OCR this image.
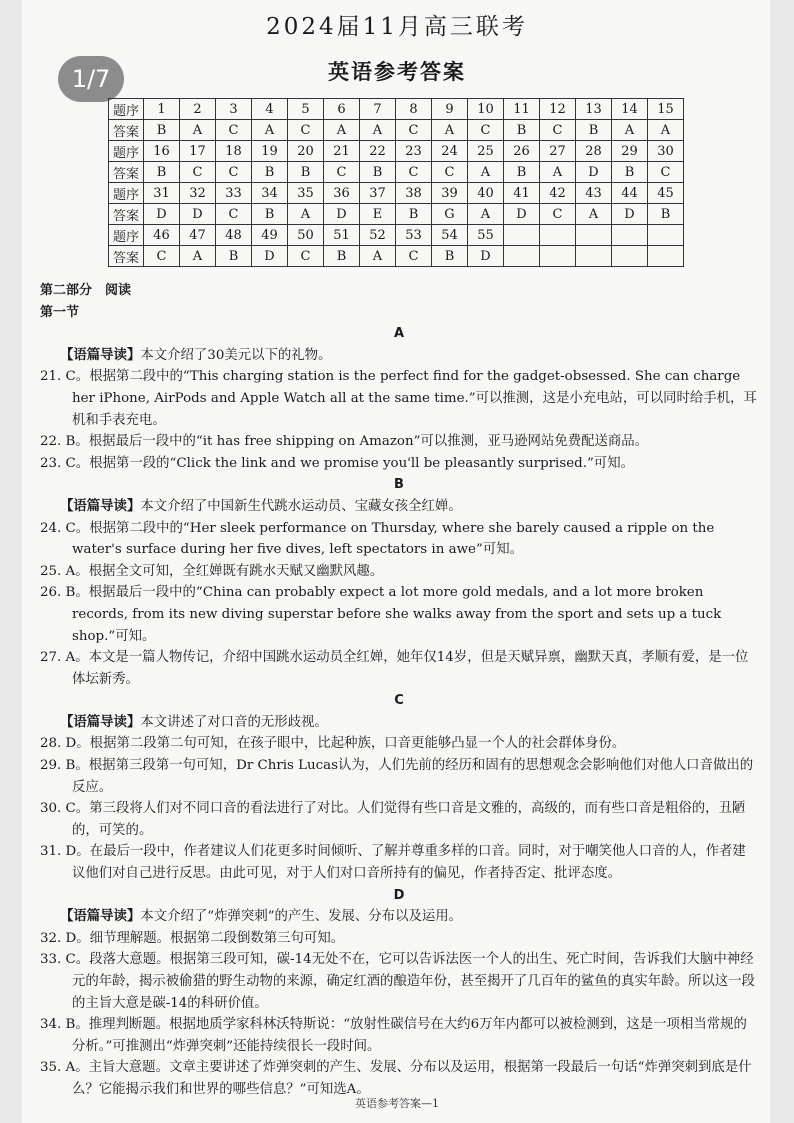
1/7
2024届11月高三联考
英语参考答案
题序	1	2	3	4	5	6	7	8	9	10	11	12	13	14	15
答案	B	A	C	A	C	A	A	C	A	C	B	C	B	A	A
题序	16	17	18	19	20	21	22	23	24	25	26	27	28	29	30
答案	B	C	C	B	B	C	B	C	C	A	B	A	D	B	C
题序	31	32	33	34	35	36	37	38	39	40	41	42	43	44	45
答案	D	D	C	B	A	D	E	B	G	A	D	C	A	D	B
题序	46	47	48	49	50	51	52	53	54	55					
答案	C	A	B	D	C	B	A	C	B	D					
第二部分　阅读
第一节
A
【语篇导读】本文介绍了30美元以下的礼物。
21. C。根据第二段中的“This charging station is the perfect find for the gadget-obsessed. She can charge her iPhone, AirPods and Apple Watch all at the same time.”可以推测，这是小充电站，可以同时给手机，耳机和手表充电。
22. B。根据最后一段中的“it has free shipping on Amazon”可以推测，亚马逊网站免费配送商品。
23. C。根据第一段的“Click the link and we promise you'll be pleasantly surprised.”可知。
B
【语篇导读】本文介绍了中国新生代跳水运动员、宝藏女孩全红婵。
24. C。根据第二段中的“Her sleek performance on Thursday, where she barely caused a ripple on the water's surface during her five dives, left spectators in awe”可知。
25. A。根据全文可知，全红婵既有跳水天赋又幽默风趣。
26. B。根据最后一段中的“China can probably expect a lot more gold medals, and a lot more broken records, from its new diving superstar before she walks away from the sport and sets up a tuck shop.”可知。
27. A。本文是一篇人物传记，介绍中国跳水运动员全红婵，她年仅14岁，但是天赋异禀，幽默天真，孝顺有爱，是一位体坛新秀。
C
【语篇导读】本文讲述了对口音的无形歧视。
28. D。根据第二段第二句可知，在孩子眼中，比起种族，口音更能够凸显一个人的社会群体身份。
29. B。根据第三段第一句可知，Dr Chris Lucas认为，人们先前的经历和固有的思想观念会影响他们对他人口音做出的反应。
30. C。第三段将人们对不同口音的看法进行了对比。人们觉得有些口音是文雅的，高级的，而有些口音是粗俗的，丑陋的，可笑的。
31. D。在最后一段中，作者建议人们花更多时间倾听、了解并尊重多样的口音。同时，对于嘲笑他人口音的人，作者建议他们对自己进行反思。由此可见，对于人们对口音所持有的偏见，作者持否定、批评态度。
D
【语篇导读】本文介绍了“炸弹突刺”的产生、发展、分布以及运用。
32. D。细节理解题。根据第二段倒数第三句可知。
33. C。段落大意题。根据第三段可知，碳-14无处不在，它可以告诉法医一个人的出生、死亡时间，告诉我们大脑中神经元的年龄，揭示被偷猎的野生动物的来源，确定红酒的酿造年份，甚至揭开了几百年的鲨鱼的真实年龄。所以这一段的主旨大意是碳-14的科研价值。
34. B。推理判断题。根据地质学家科林沃特斯说：“放射性碳信号在大约6万年内都可以被检测到，这是一项相当常规的分析。”可推测出“炸弹突刺”还能持续很长一段时间。
35. A。主旨大意题。文章主要讲述了炸弹突刺的产生、发展、分布以及运用，根据第一段最后一句话“炸弹突刺到底是什么？它能揭示我们和世界的哪些信息？”可知选A。
英语参考答案—1
